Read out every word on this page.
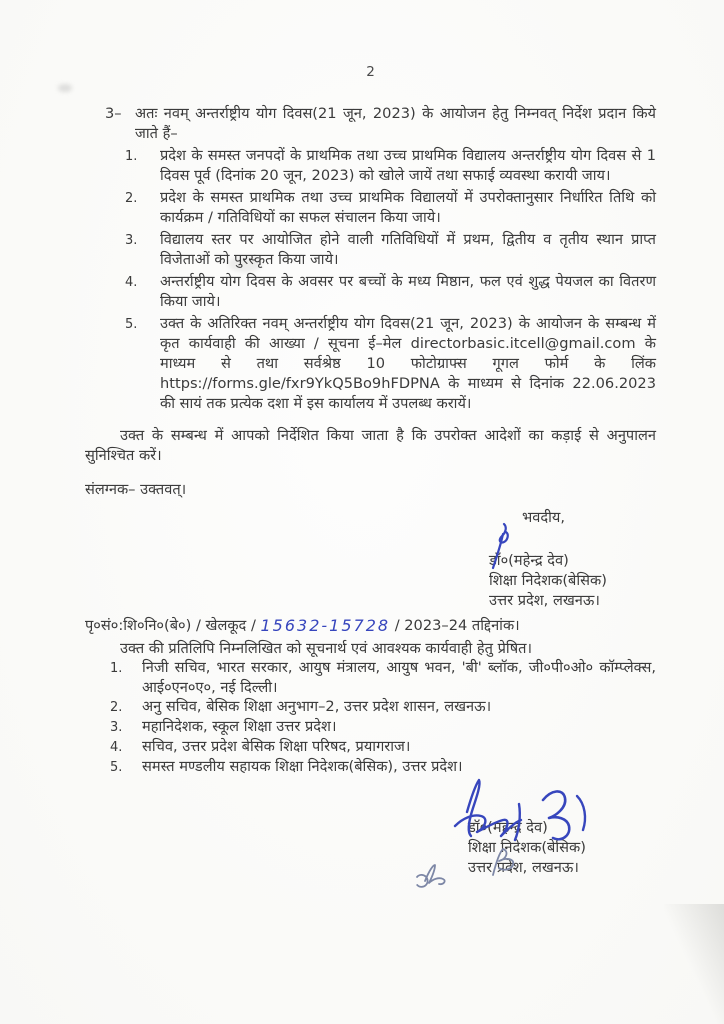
2
3– अतः नवम् अन्तर्राष्ट्रीय योग दिवस(21 जून, 2023) के आयोजन हेतु निम्नवत् निर्देश प्रदान किये जाते हैं–
1.	प्रदेश के समस्त जनपदों के प्राथमिक तथा उच्च प्राथमिक विद्यालय अन्तर्राष्ट्रीय योग दिवस से 1 दिवस पूर्व (दिनांक 20 जून, 2023) को खोले जायें तथा सफाई व्यवस्था करायी जाय।
2.	प्रदेश के समस्त प्राथमिक तथा उच्च प्राथमिक विद्यालयों में उपरोक्तानुसार निर्धारित तिथि को कार्यक्रम / गतिविधियों का सफल संचालन किया जाये।
3.	विद्यालय स्तर पर आयोजित होने वाली गतिविधियों में प्रथम, द्वितीय व तृतीय स्थान प्राप्त विजेताओं को पुरस्कृत किया जाये।
4.	अन्तर्राष्ट्रीय योग दिवस के अवसर पर बच्चों के मध्य मिष्ठान, फल एवं शुद्ध पेयजल का वितरण किया जाये।
5.	उक्त के अतिरिक्त नवम् अन्तर्राष्ट्रीय योग दिवस(21 जून, 2023) के आयोजन के सम्बन्ध में कृत कार्यवाही की आख्या / सूचना ई–मेल directorbasic.itcell@gmail.com के माध्यम से तथा सर्वश्रेष्ठ 10 फोटोग्राफ्स गूगल फोर्म के लिंक https://forms.gle/fxr9YkQ5Bo9hFDPNA के माध्यम से दिनांक 22.06.2023 की सायं तक प्रत्येक दशा में इस कार्यालय में उपलब्ध करायें।
उक्त के सम्बन्ध में आपको निर्देशित किया जाता है कि उपरोक्त आदेशों का कड़ाई से अनुपालन सुनिश्चित करें।
संलग्नक– उक्तवत्।
भवदीय,
डॉ०(महेन्द्र देव)
शिक्षा निदेशक(बेसिक)
उत्तर प्रदेश, लखनऊ।
पृ०सं०:शि०नि०(बे०) / खेलकूद / 15632-15728 / 2023–24 तद्दिनांक।
उक्त की प्रतिलिपि निम्नलिखित को सूचनार्थ एवं आवश्यक कार्यवाही हेतु प्रेषित।
1.	निजी सचिव, भारत सरकार, आयुष मंत्रालय, आयुष भवन, 'बी' ब्लॉक, जी०पी०ओ० कॉम्प्लेक्स, आई०एन०ए०, नई दिल्ली।
2.	अनु सचिव, बेसिक शिक्षा अनुभाग–2, उत्तर प्रदेश शासन, लखनऊ।
3.	महानिदेशक, स्कूल शिक्षा उत्तर प्रदेश।
4.	सचिव, उत्तर प्रदेश बेसिक शिक्षा परिषद, प्रयागराज।
5.	समस्त मण्डलीय सहायक शिक्षा निदेशक(बेसिक), उत्तर प्रदेश।
डॉ०(महेन्द्र देव)
शिक्षा निदेशक(बेसिक)
उत्तर प्रदेश, लखनऊ।
